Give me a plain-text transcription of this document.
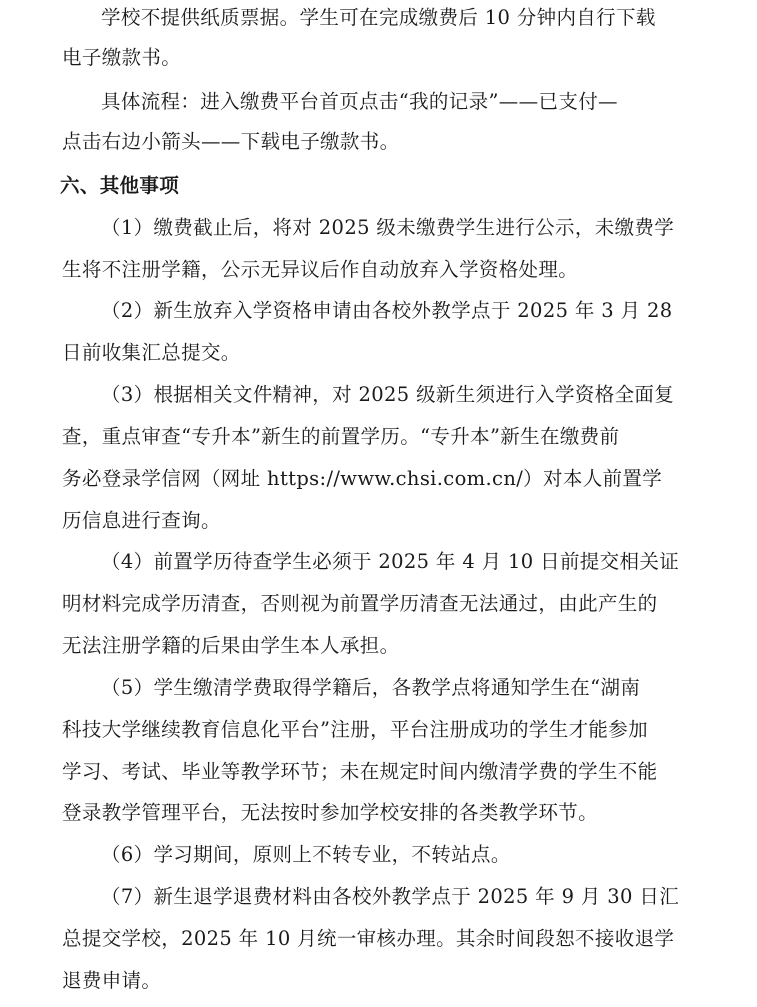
学校不提供纸质票据。学生可在完成缴费后 10 分钟内自行下载
电子缴款书。
具体流程：进入缴费平台首页点击“我的记录”——已支付—
点击右边小箭头——下载电子缴款书。
六、其他事项
（1）缴费截止后，将对 2025 级未缴费学生进行公示，未缴费学
生将不注册学籍，公示无异议后作自动放弃入学资格处理。
（2）新生放弃入学资格申请由各校外教学点于 2025 年 3 月 28
日前收集汇总提交。
（3）根据相关文件精神，对 2025 级新生须进行入学资格全面复
查，重点审查“专升本”新生的前置学历。“专升本”新生在缴费前
务必登录学信网（网址 https://www.chsi.com.cn/）对本人前置学
历信息进行查询。
（4）前置学历待查学生必须于 2025 年 4 月 10 日前提交相关证
明材料完成学历清查，否则视为前置学历清查无法通过，由此产生的
无法注册学籍的后果由学生本人承担。
（5）学生缴清学费取得学籍后，各教学点将通知学生在“湖南
科技大学继续教育信息化平台”注册，平台注册成功的学生才能参加
学习、考试、毕业等教学环节；未在规定时间内缴清学费的学生不能
登录教学管理平台，无法按时参加学校安排的各类教学环节。
（6）学习期间，原则上不转专业，不转站点。
（7）新生退学退费材料由各校外教学点于 2025 年 9 月 30 日汇
总提交学校，2025 年 10 月统一审核办理。其余时间段恕不接收退学
退费申请。
